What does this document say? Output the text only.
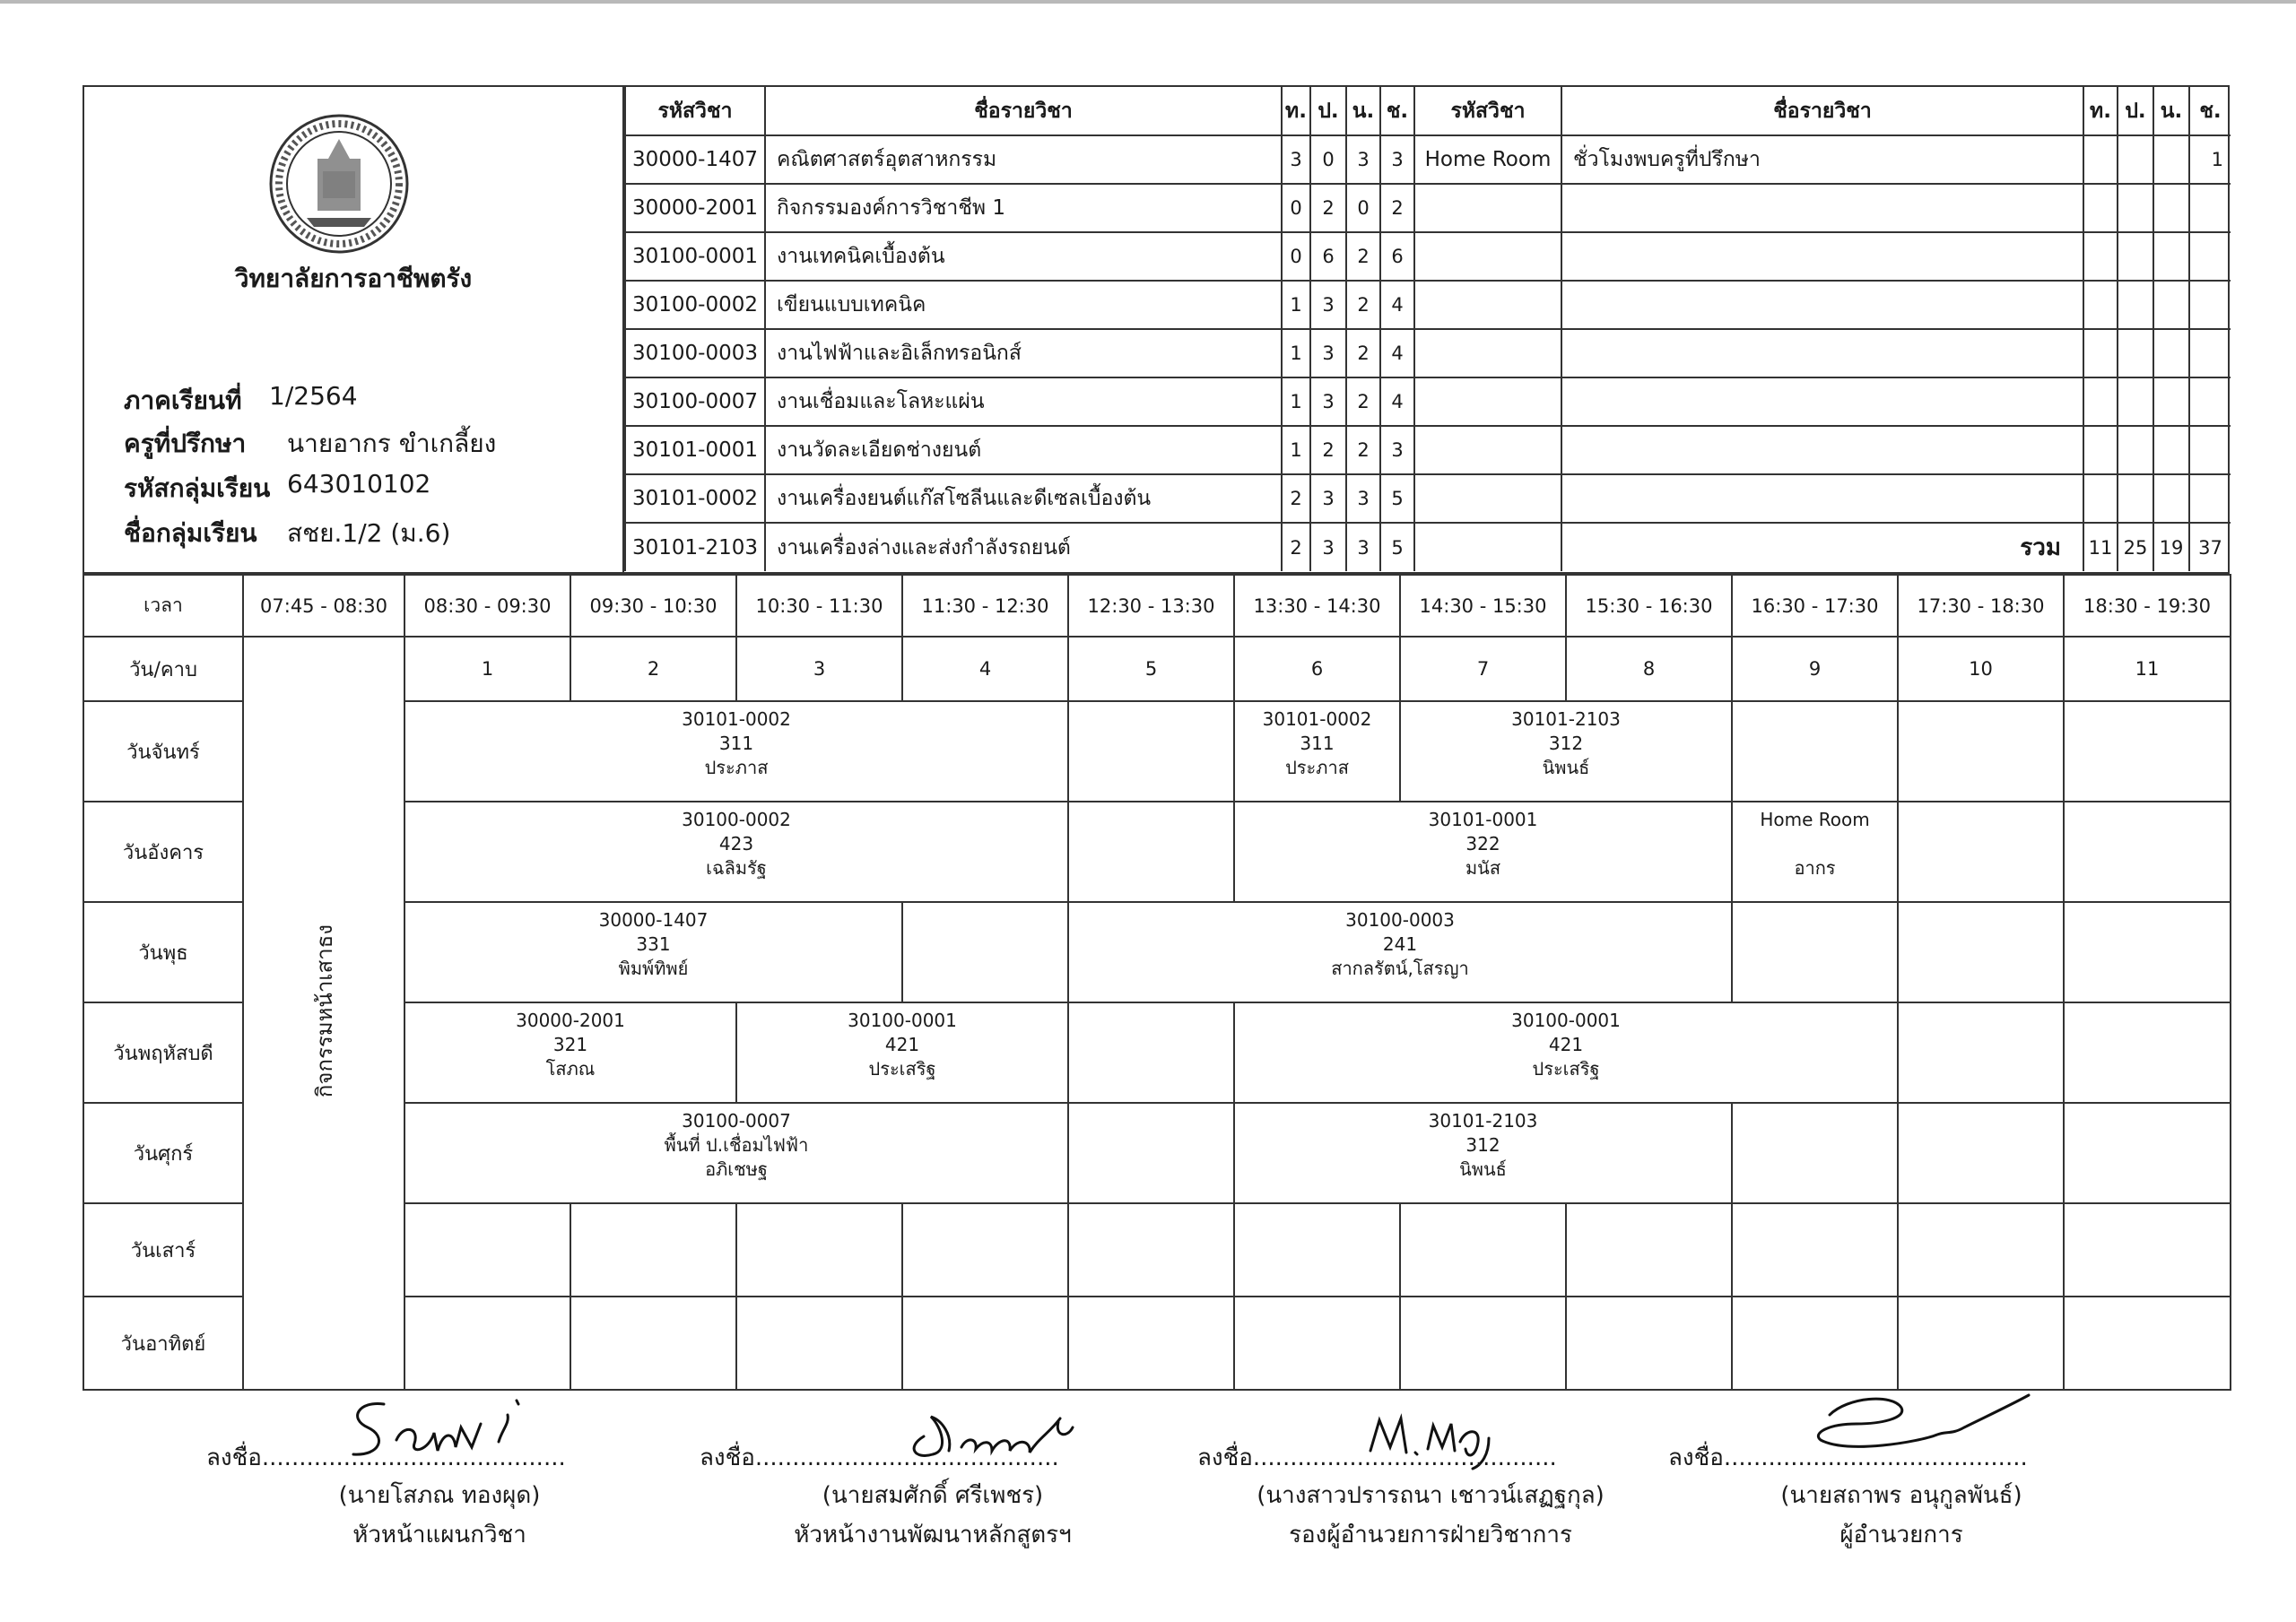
วิทยาลัยการอาชีพตรัง
ภาคเรียนที่ 1/2564
ครูที่ปรึกษา นายอากร ขำเกลี้ยง
รหัสกลุ่มเรียน 643010102
ชื่อกลุ่มเรียน สชย.1/2 (ม.6)
รหัสวิชา	ชื่อรายวิชา	ท.	ป.	น.	ช.	รหัสวิชา	ชื่อรายวิชา	ท.	ป.	น.	ช.
30000-1407	คณิตศาสตร์อุตสาหกรรม	3	0	3	3	Home Room	ชั่วโมงพบครูที่ปรึกษา				1
30000-2001	กิจกรรมองค์การวิชาชีพ 1	0	2	0	2						
30100-0001	งานเทคนิคเบื้องต้น	0	6	2	6						
30100-0002	เขียนแบบเทคนิค	1	3	2	4						
30100-0003	งานไฟฟ้าและอิเล็กทรอนิกส์	1	3	2	4						
30100-0007	งานเชื่อมและโลหะแผ่น	1	3	2	4						
30101-0001	งานวัดละเอียดช่างยนต์	1	2	2	3						
30101-0002	งานเครื่องยนต์แก๊สโซลีนและดีเซลเบื้องต้น	2	3	3	5						
30101-2103	งานเครื่องล่างและส่งกำลังรถยนต์	2	3	3	5		รวม	11	25	19	37
เวลา	07:45 - 08:30	08:30 - 09:30	09:30 - 10:30	10:30 - 11:30	11:30 - 12:30	12:30 - 13:30	13:30 - 14:30	14:30 - 15:30	15:30 - 16:30	16:30 - 17:30	17:30 - 18:30	18:30 - 19:30
วัน/คาบ	กิจกรรมหน้าเสาธง	1	2	3	4	5	6	7	8	9	10	11
วันจันทร์		30101-0002
311
ประภาส					30101-0002
311
ประภาส	30101-2103
312
นิพนธ์				

วันอังคาร		30100-0002
423
เฉลิมรัฐ					30101-0001
322
มนัส			Home Room
อากร		

วันพุธ		30000-1407
331
พิมพ์ทิพย์				30100-0003
241
สากลรัตน์,โสรญา						

วันพฤหัสบดี		30000-2001
321
โสภณ		30100-0001
421
ประเสริฐ			30100-0001
421
ประเสริฐ					

วันศุกร์		30100-0007
พื้นที่ ป.เชื่อมไฟฟ้า
อภิเชษฐ					30101-2103
312
นิพนธ์					

วันเสาร์												
วันอาทิตย์												
ลงชื่อ.........................................
(นายโสภณ ทองผุด)
หัวหน้าแผนกวิชา
ลงชื่อ.........................................
(นายสมศักดิ์ ศรีเพชร)
หัวหน้างานพัฒนาหลักสูตรฯ
ลงชื่อ.........................................
(นางสาวปรารถนา เชาวน์เสฏฐกุล)
รองผู้อำนวยการฝ่ายวิชาการ
ลงชื่อ.........................................
(นายสถาพร อนุกูลพันธ์)
ผู้อำนวยการ
